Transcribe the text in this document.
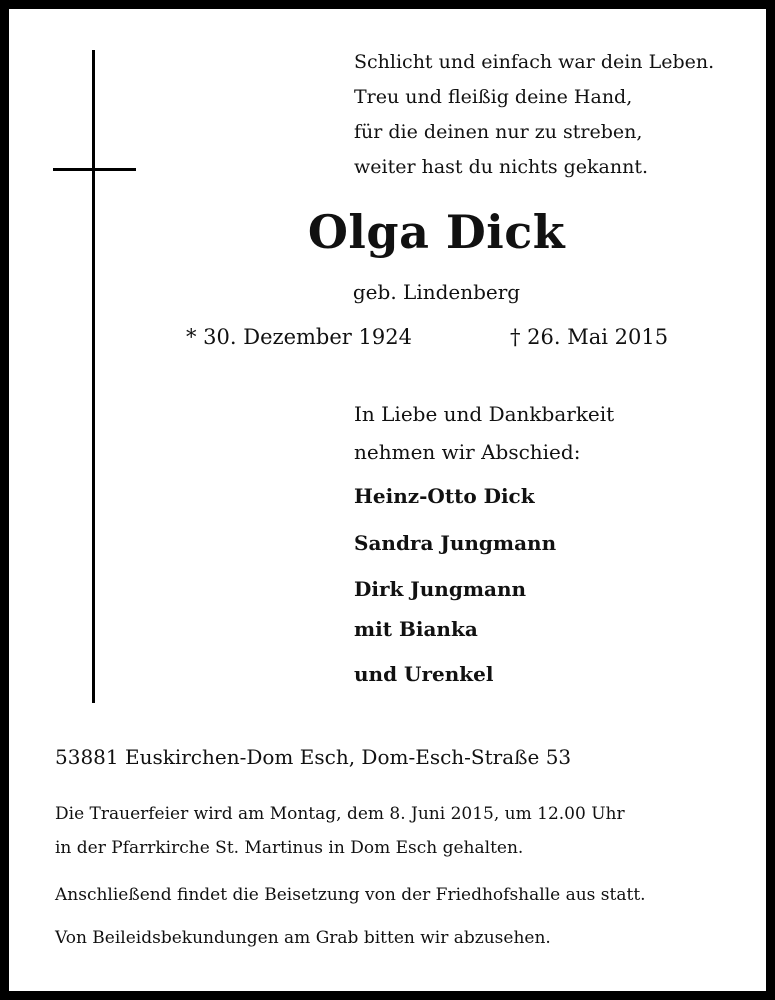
Schlicht und einfach war dein Leben.
Treu und fleißig deine Hand,
für die deinen nur zu streben,
weiter hast du nichts gekannt.
Olga Dick
geb. Lindenberg
* 30. Dezember 1924	† 26. Mai 2015
In Liebe und Dankbarkeit
nehmen wir Abschied:
Heinz-Otto Dick
Sandra Jungmann
Dirk Jungmann
mit Bianka
und Urenkel
53881 Euskirchen-Dom Esch, Dom-Esch-Straße 53
Die Trauerfeier wird am Montag, dem 8. Juni 2015, um 12.00 Uhr
in der Pfarrkirche St. Martinus in Dom Esch gehalten.
Anschließend findet die Beisetzung von der Friedhofshalle aus statt.
Von Beileidsbekundungen am Grab bitten wir abzusehen.
